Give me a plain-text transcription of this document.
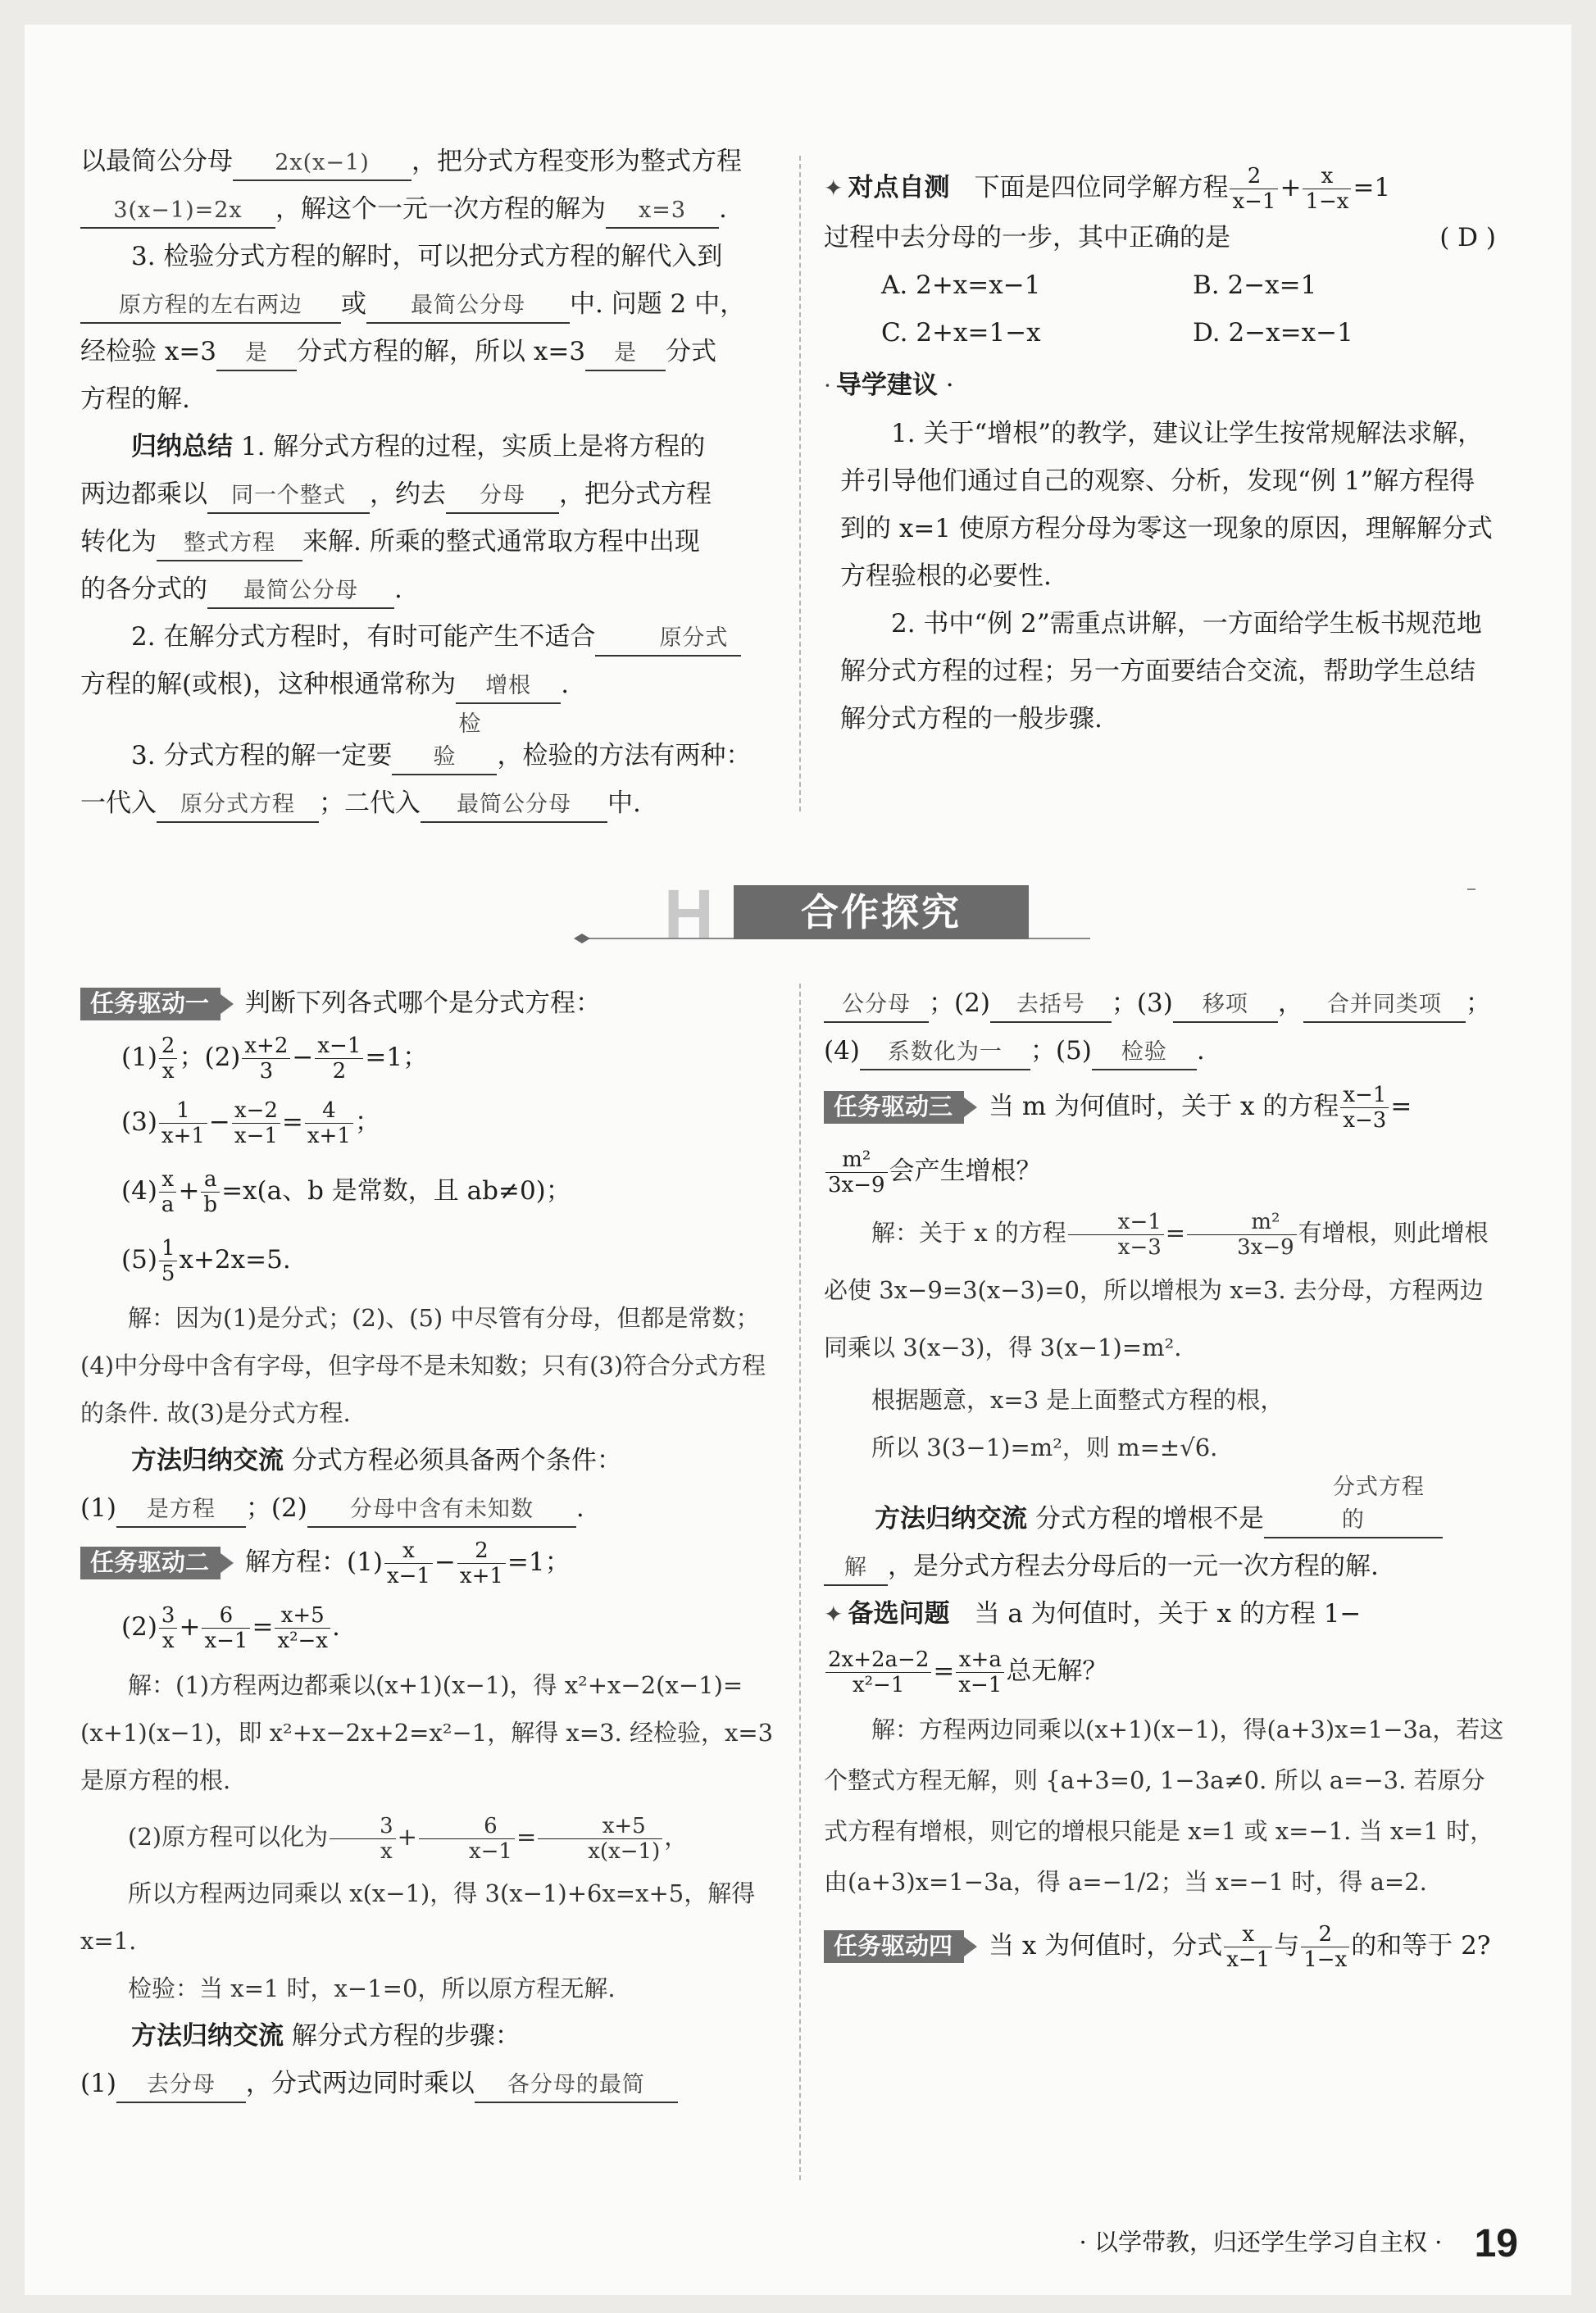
以最简公分母 2x(x−1) ，把分式方程变形为整式方程

3(x−1)=2x ，解这个一元一次方程的解为 x=3 .

3. 检验分式方程的解时，可以把分式方程的解代入到

原方程的左右两边 或 最简公分母 中. 问题 2 中，

经检验 x=3 是 分式方程的解，所以 x=3 是 分式

方程的解.

归纳总结 1. 解分式方程的过程，实质上是将方程的

两边都乘以 同一个整式 ，约去 分母 ，把分式方程

转化为 整式方程 来解. 所乘的整式通常取方程中出现

的各分式的 最简公分母 .

2. 在解分式方程时，有时可能产生不适合	原分式

方程的解(或根)，这种根通常称为 增根 .

3. 分式方程的解一定要检验 ，检验的方法有两种：

一代入 原分式方程 ；二代入 最简公分母 中.

✦ 对点自测 下面是四位同学解方程 $\frac{2}{x-1} + \frac{x}{1-x} =1$

过程中去分母的一步，其中正确的是	( D )

A. 2+x=x−1	B. 2−x=1
C. 2+x=1−x	D. 2−x=x−1

· 导学建议 ·

1. 关于“增根”的教学，建议让学生按常规解法求解，并引导他们通过自己的观察、分析，发现“例 1”解方程得到的 x=1 使原方程分母为零这一现象的原因，理解解分式方程验根的必要性.

2. 书中“例 2”需重点讲解，一方面给学生板书规范地解分式方程的过程；另一方面要结合交流，帮助学生总结解分式方程的一般步骤.

H	合作探究

任务驱动一 判断下列各式哪个是分式方程：

$(1) \frac{2}{x}$ ；$(2) \frac{x+2}{3} - \frac{x-1}{2} =1$；

$(3) \frac{1}{x+1} - \frac{x-2}{x-1} = \frac{4}{x+1}$ ；

$(4) \frac{x}{a} + \frac{a}{b} =x(a$、b 是常数，且 ab≠0)；

$(5) \frac{1}{5} x+2x=5$.

解：因为(1)是分式；(2)、(5) 中尽管有分母，但都是常数；(4)中分母中含有字母，但字母不是未知数；只有(3)符合分式方程的条件. 故(3)是分式方程.

方法归纳交流 分式方程必须具备两个条件：

(1) 是方程 ；(2) 分母中含有未知数 .

任务驱动二 解方程：$(1) \frac{x}{x-1} - \frac{2}{x+1} =1$；

$(2) \frac{3}{x} + \frac{6}{x-1} = \frac{x+5}{\text{x²−x}}$ .

解：(1)方程两边都乘以(x+1)(x−1)，得 x²+x−2(x−1)=(x+1)(x−1)，即 x²+x−2x+2=x²−1，解得 x=3. 经检验，x=3 是原方程的根.

(2)原方程可以化为 $\frac{3}{x} + \frac{6}{x-1} = \frac{x+5}{x(x-1)}$ ，

所以方程两边同乘以 x(x−1)，得 3(x−1)+6x=x+5，解得 x=1.

检验：当 x=1 时，x−1=0，所以原方程无解.

方法归纳交流 解分式方程的步骤：

(1) 去分母 ，分式两边同时乘以 各分母的最简

公分母 ；(2) 去括号 ；(3) 移项 ， 合并同类项 ；

(4) 系数化为一 ；(5) 检验 .

任务驱动三 当 m 为何值时，关于 x 的方程 $\frac{x-1}{x-3}$ =

$\frac{\text{m²}}{3x-9}$ 会产生增根？

解：关于 x 的方程 $\frac{x-1}{x-3} = \frac{\text{m²}}{3x-9}$ 有增根，则此增根必使 3x−9=3(x−3)=0，所以增根为 x=3. 去分母，方程两边同乘以 3(x−3)，得 3(x−1)=m².

根据题意，x=3 是上面整式方程的根，

所以 3(3−1)=m²，则 m=±√6.

方法归纳交流 分式方程的增根不是分式方程的

解 ，是分式方程去分母后的一元一次方程的解.

✦ 备选问题 当 a 为何值时，关于 x 的方程 1−

$\frac{2x+2a-2}{\text{x²−1}} = \frac{x+a}{x-1}$ 总无解？

解：方程两边同乘以(x+1)(x−1)，得(a+3)x=1−3a，若这个整式方程无解，则 {a+3=0, 1−3a≠0. 所以 a=−3. 若原分式方程有增根，则它的增根只能是 x=1 或 x=−1. 当 x=1 时，由(a+3)x=1−3a，得 a=−1/2；当 x=−1 时，得 a=2.

任务驱动四 当 x 为何值时，分式 $\frac{x}{x-1}$ 与 $\frac{2}{1-x}$ 的和等于 2?

· 以学带教，归还学生学习自主权 · 19
